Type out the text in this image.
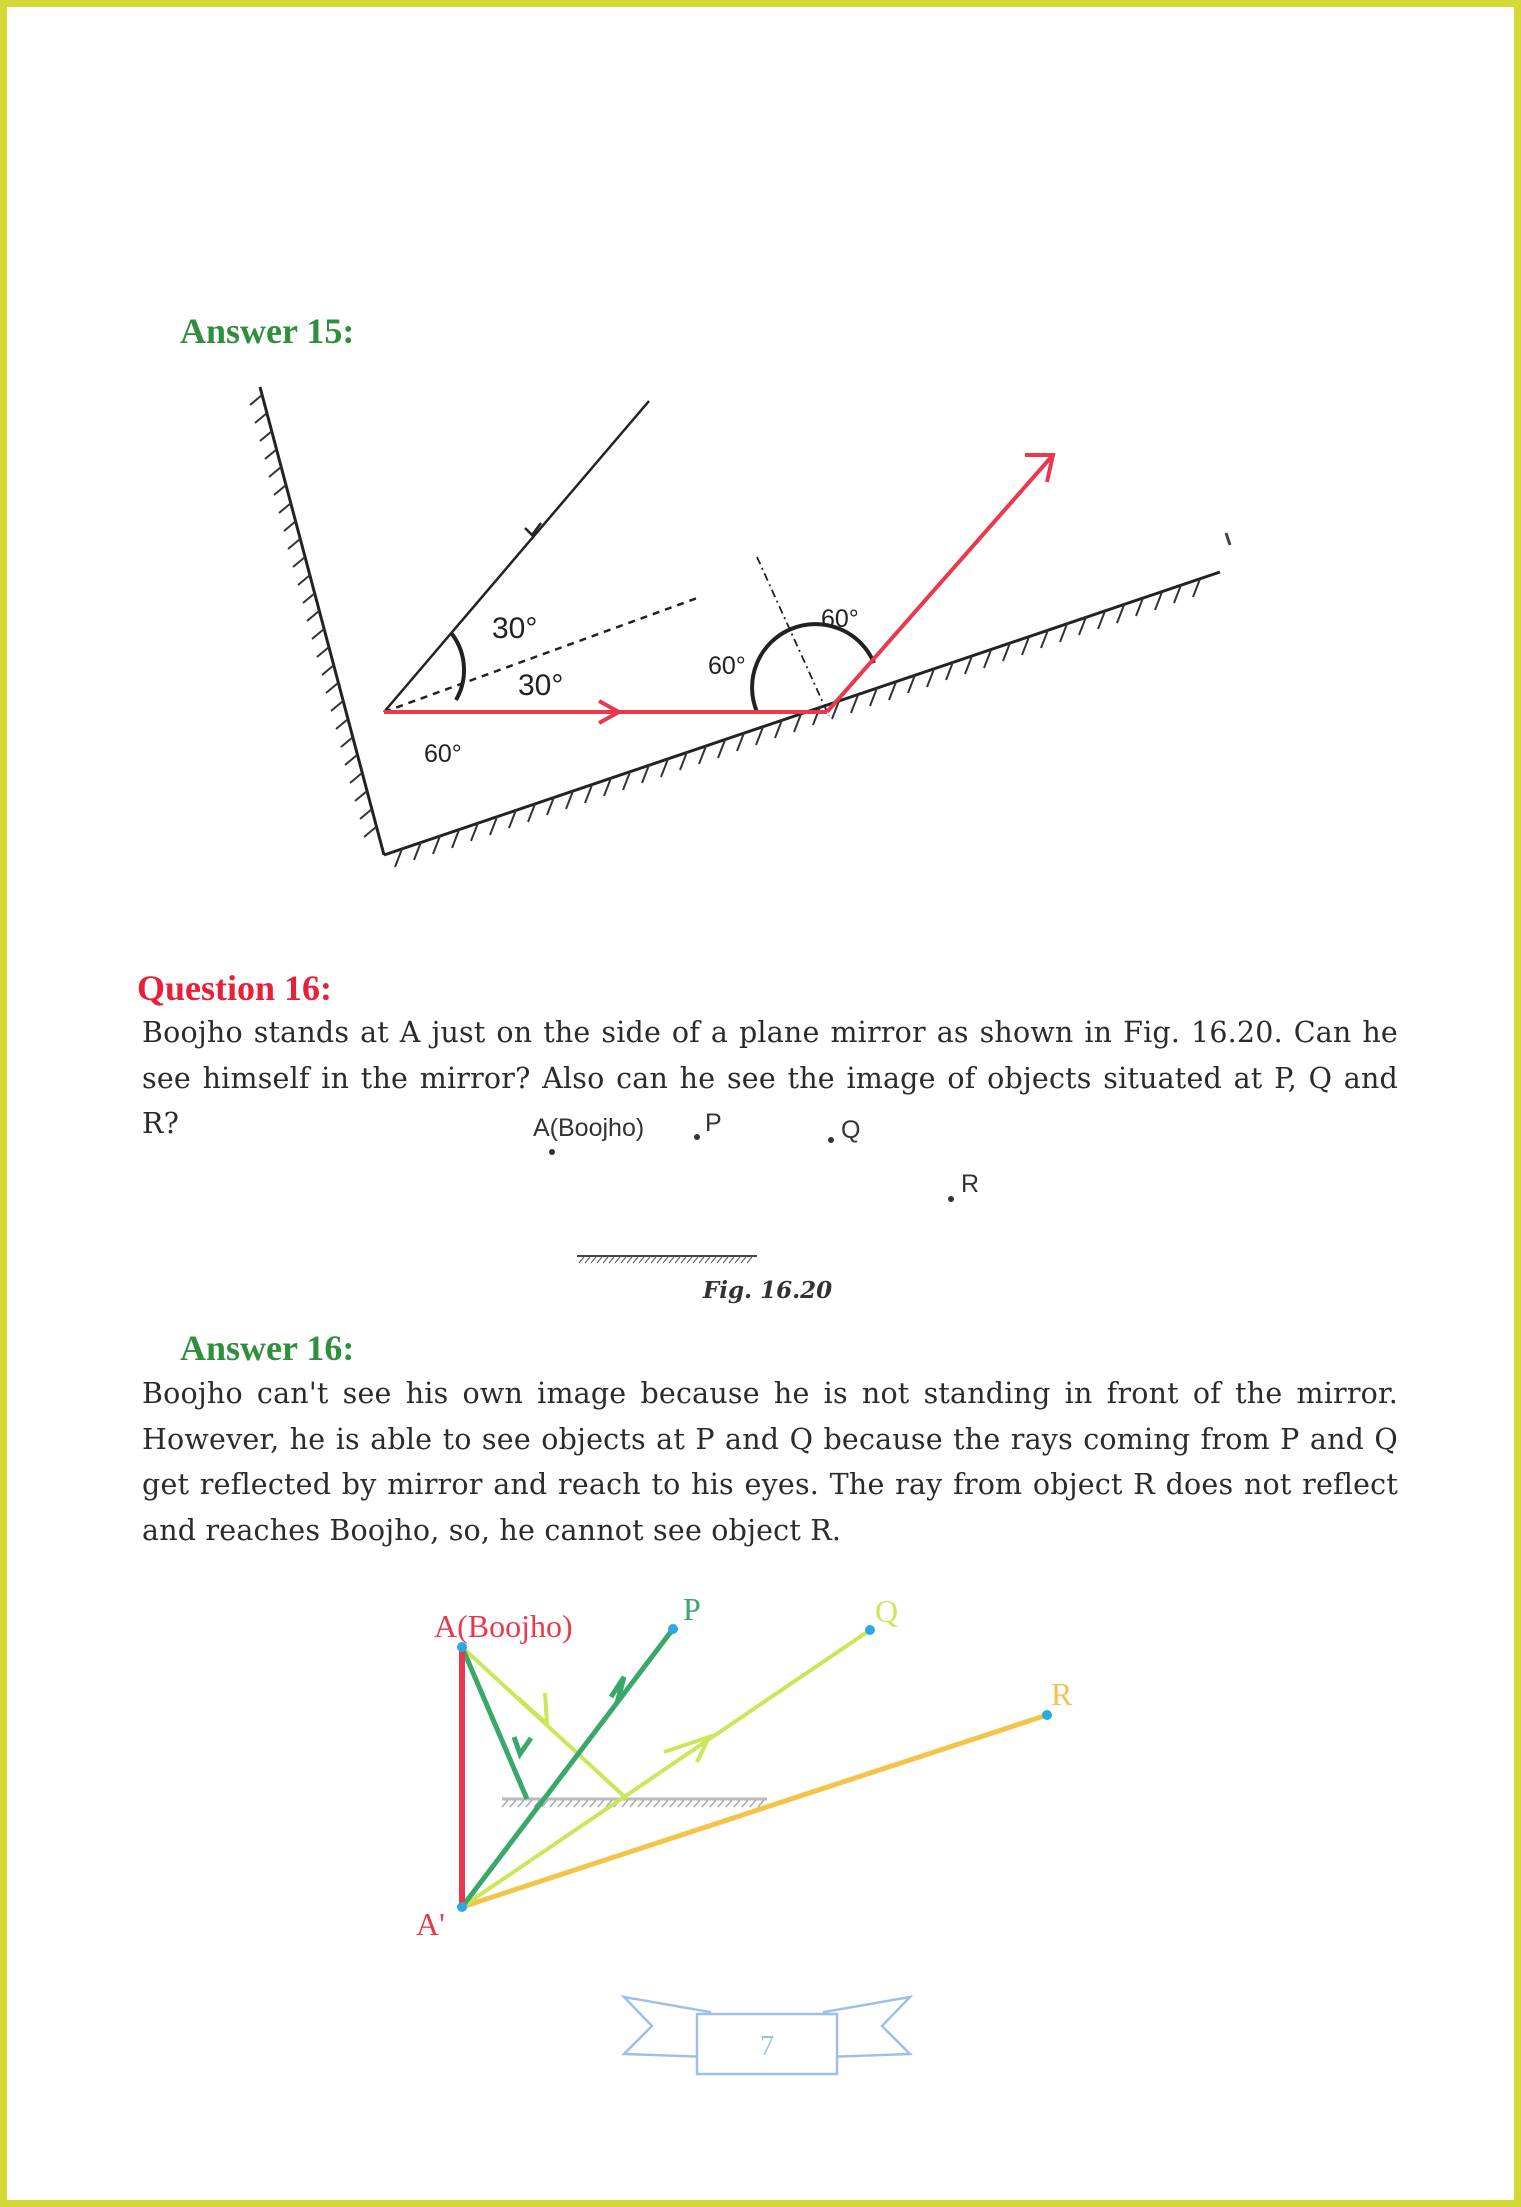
Answer 15:
30°
30°
60°
60°
60°
Question 16:

Boojho stands at A just on the side of a plane mirror as shown in Fig. 16.20. Can he see himself in the mirror? Also can he see the image of objects situated at P, Q and R?	A(Boojho) P	Q
R

Fig. 16.20

Answer 16:

Boojho can't see his own image because he is not standing in front of the mirror. However, he is able to see objects at P and Q because the rays coming from P and Q get reflected by mirror and reach to his eyes. The ray from object R does not reflect and reaches Boojho, so, he cannot see object R.

A(Boojho)	P	Q
R
A'
7
